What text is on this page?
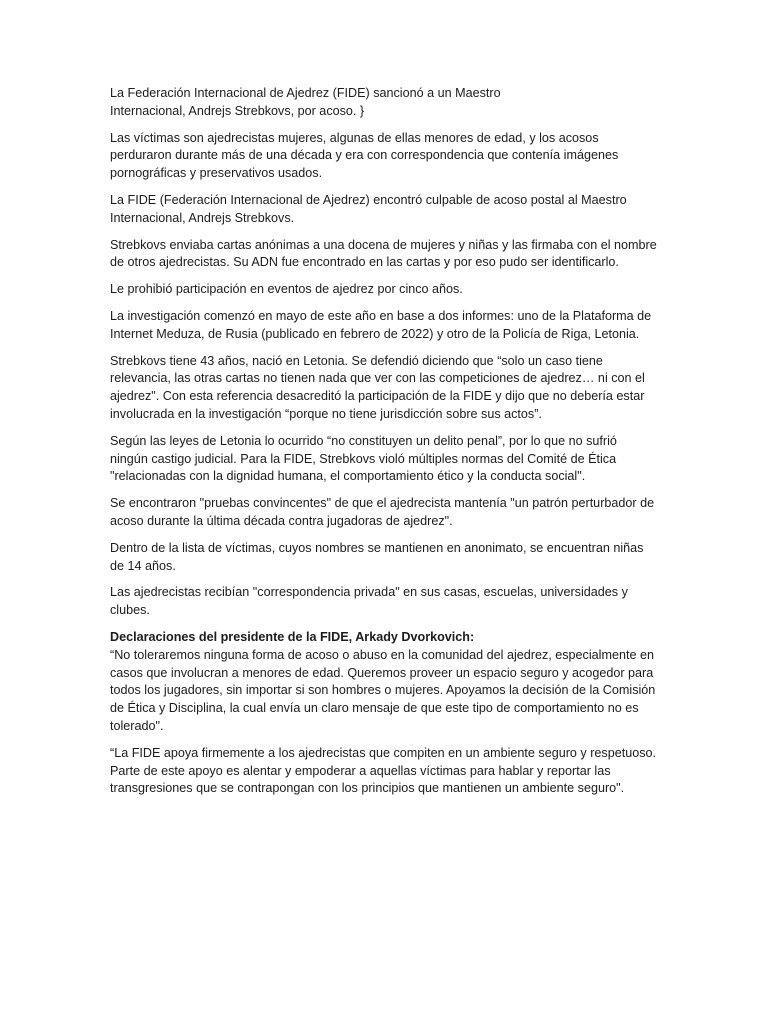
La Federación Internacional de Ajedrez (FIDE) sancionó a un Maestro Internacional, Andrejs Strebkovs, por acoso. }

Las víctimas son ajedrecistas mujeres, algunas de ellas menores de edad, y los acosos perduraron durante más de una década y era con correspondencia que contenía imágenes pornográficas y preservativos usados.

La FIDE (Federación Internacional de Ajedrez) encontró culpable de acoso postal al Maestro Internacional, Andrejs Strebkovs.

Strebkovs enviaba cartas anónimas a una docena de mujeres y niñas y las firmaba con el nombre de otros ajedrecistas. Su ADN fue encontrado en las cartas y por eso pudo ser identificarlo.

Le prohibió participación en eventos de ajedrez por cinco años.

La investigación comenzó en mayo de este año en base a dos informes: uno de la Plataforma de Internet Meduza, de Rusia (publicado en febrero de 2022) y otro de la Policía de Riga, Letonia.

Strebkovs tiene 43 años, nació en Letonia. Se defendió diciendo que “solo un caso tiene relevancia, las otras cartas no tienen nada que ver con las competiciones de ajedrez… ni con el ajedrez". Con esta referencia desacreditó la participación de la FIDE y dijo que no debería estar involucrada en la investigación “porque no tiene jurisdicción sobre sus actos”.

Según las leyes de Letonia lo ocurrido “no constituyen un delito penal”, por lo que no sufrió ningún castigo judicial. Para la FIDE, Strebkovs violó múltiples normas del Comité de Ética "relacionadas con la dignidad humana, el comportamiento ético y la conducta social".

Se encontraron "pruebas convincentes" de que el ajedrecista mantenía "un patrón perturbador de acoso durante la última década contra jugadoras de ajedrez".

Dentro de la lista de víctimas, cuyos nombres se mantienen en anonimato, se encuentran niñas de 14 años.

Las ajedrecistas recibían "correspondencia privada" en sus casas, escuelas, universidades y clubes.

Declaraciones del presidente de la FIDE, Arkady Dvorkovich:
“No toleraremos ninguna forma de acoso o abuso en la comunidad del ajedrez, especialmente en casos que involucran a menores de edad. Queremos proveer un espacio seguro y acogedor para todos los jugadores, sin importar si son hombres o mujeres. Apoyamos la decisión de la Comisión de Ética y Disciplina, la cual envía un claro mensaje de que este tipo de comportamiento no es tolerado".

“La FIDE apoya firmemente a los ajedrecistas que compiten en un ambiente seguro y respetuoso. Parte de este apoyo es alentar y empoderar a aquellas víctimas para hablar y reportar las transgresiones que se contrapongan con los principios que mantienen un ambiente seguro".
